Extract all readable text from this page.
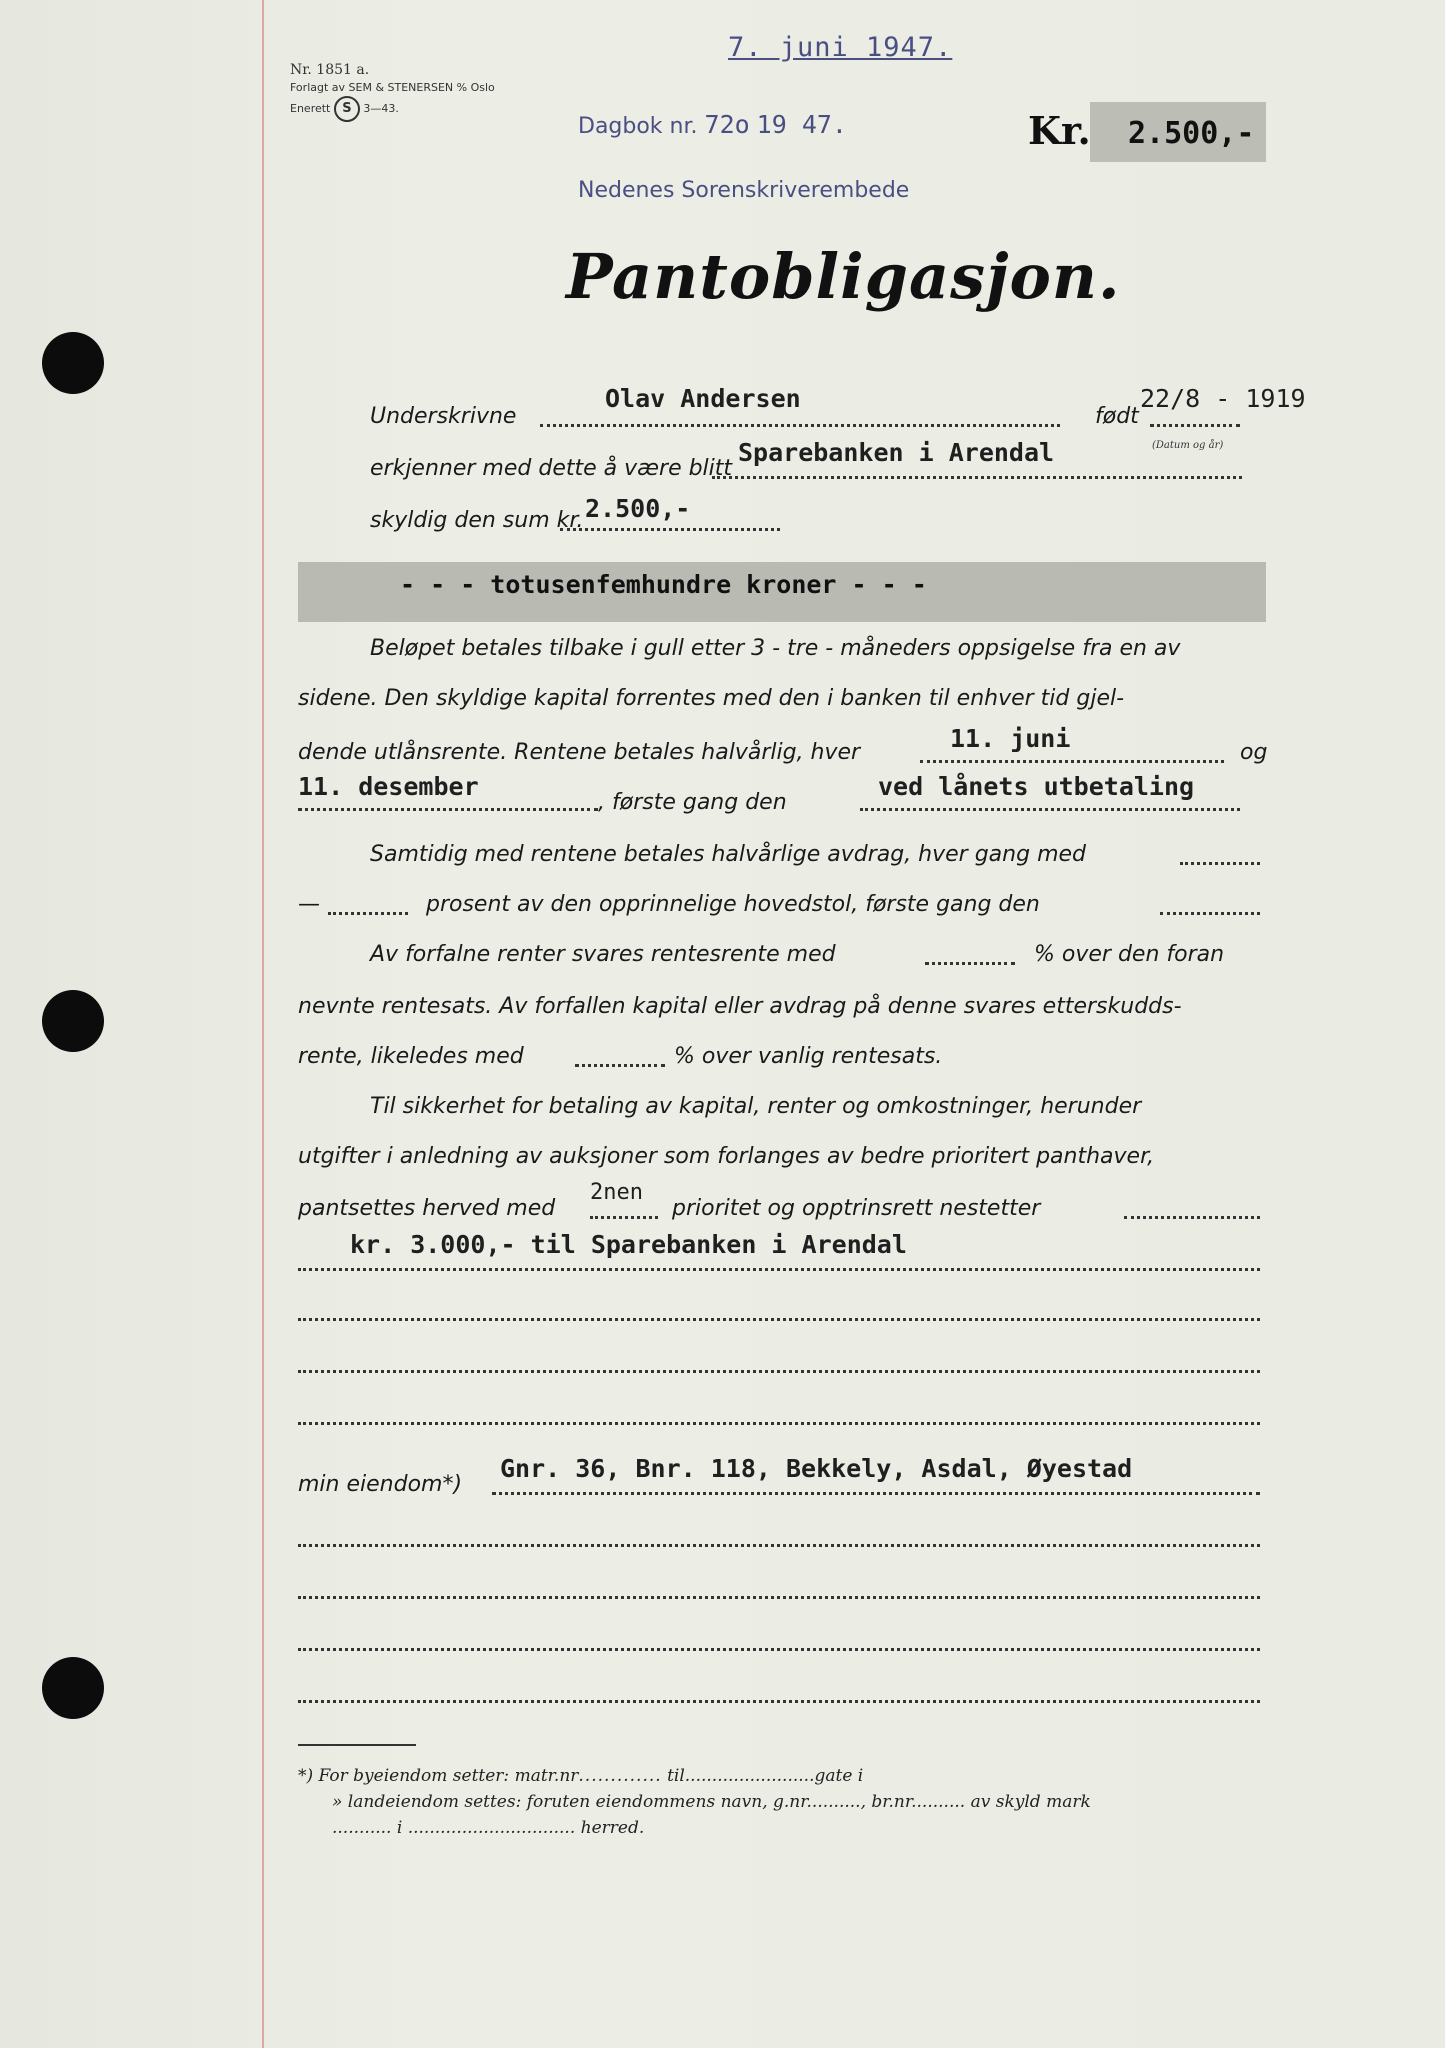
Nr. 1851 a.
Forlagt av SEM & STENERSEN % Oslo
Enerett S 3—43.
7. juni 1947.
Dagbok nr. 72o 19 47.
Nedenes Sorenskriverembede
Kr. 2.500,-
Pantobligasjon.
Underskrivne
Olav Andersen
født
22/8 - 1919
(Datum og år)
erkjenner med dette å være blitt
Sparebanken i Arendal
skyldig den sum kr. 2.500,-
- - - totusenfemhundre kroner - - -
Beløpet betales tilbake i gull etter 3 - tre - måneders oppsigelse fra en av
sidene. Den skyldige kapital forrentes med den i banken til enhver tid gjel-
dende utlånsrente. Rentene betales halvårlig, hver	11. juni	og
11. desember
, første gang den
ved lånets utbetaling
Samtidig med rentene betales halvårlige avdrag, hver gang med
—	prosent av den opprinnelige hovedstol, første gang den
Av forfalne renter svares rentesrente med	% over den foran
nevnte rentesats. Av forfallen kapital eller avdrag på denne svares etterskudds-
rente, likeledes med	% over vanlig rentesats.
Til sikkerhet for betaling av kapital, renter og omkostninger, herunder
utgifter i anledning av auksjoner som forlanges av bedre prioritert panthaver,
pantsettes herved med
2nen
prioritet og opptrinsrett nestetter
kr. 3.000,- til Sparebanken i Arendal
min eiendom*)
Gnr. 36, Bnr. 118, Bekkely, Asdal, Øyestad
*) For byeiendom setter: matr.nr............. til........................gate i
» landeiendom settes: foruten eiendommens navn, g.nr.........., br.nr.......... av skyld mark
........... i ............................... herred.
